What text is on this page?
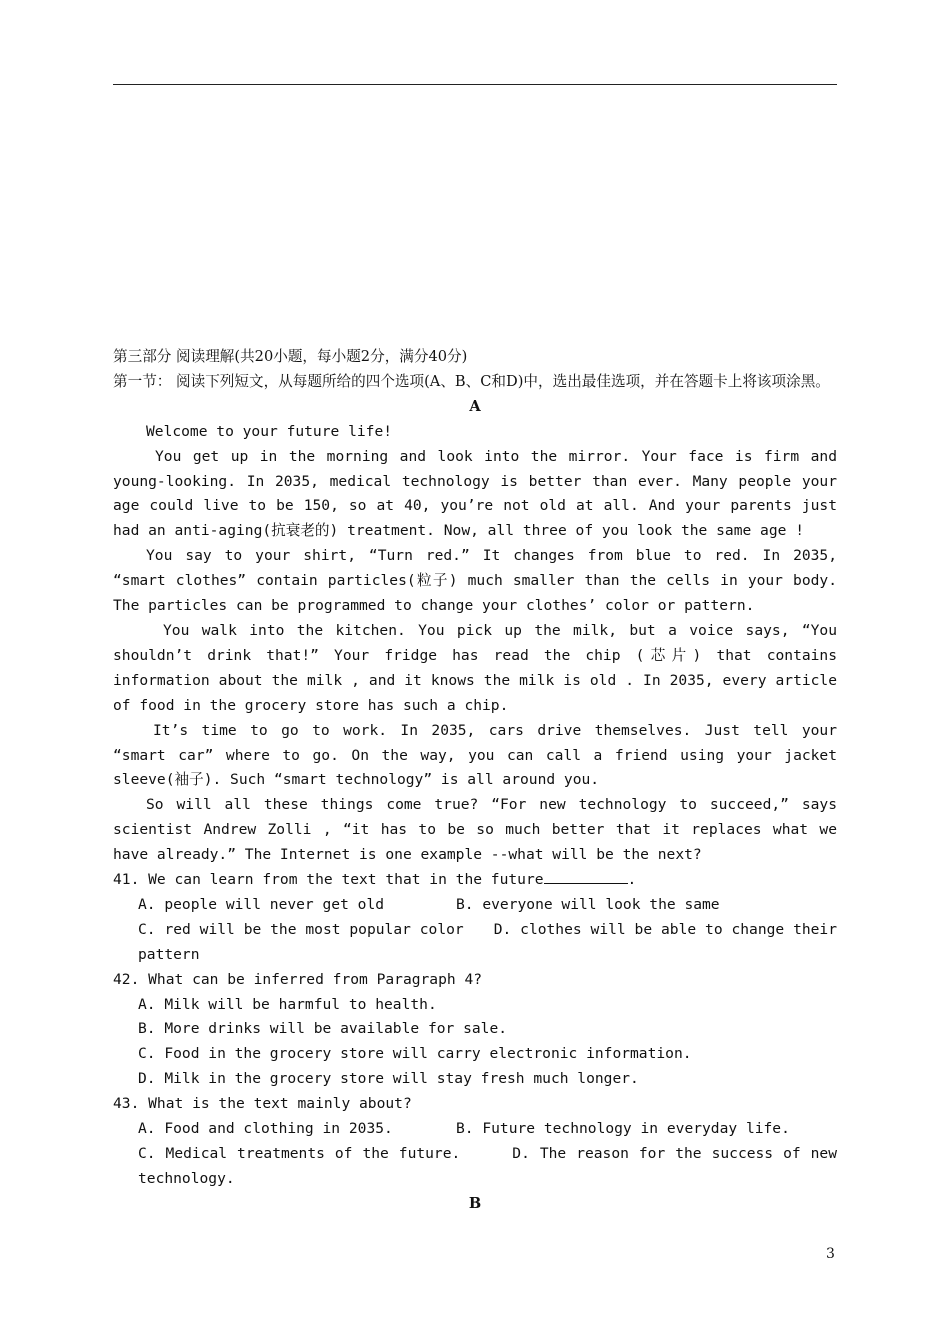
第三部分 阅读理解(共20小题，每小题2分，满分40分)

第一节： 阅读下列短文，从每题所给的四个选项(A、B、C和D)中，选出最佳选项，并在答题卡上将该项涂黑。

A

Welcome to your future life!

You get up in the morning and look into the mirror. Your face is firm and young-looking. In 2035, medical technology is better than ever. Many people your age could live to be 150, so at 40, you’re not old at all. And your parents just had an anti-aging(抗衰老的) treatment. Now, all three of you look the same age !

You say to your shirt, “Turn red.” It changes from blue to red. In 2035, “smart clothes” contain particles(粒子) much smaller than the cells in your body. The particles can be programmed to change your clothes’ color or pattern.

You walk into the kitchen. You pick up the milk, but a voice says, “You shouldn’t drink that!” Your fridge has read the chip (芯片) that contains information about the milk , and it knows the milk is old . In 2035, every article of food in the grocery store has such a chip.

It’s time to go to work. In 2035, cars drive themselves. Just tell your “smart car” where to go. On the way, you can call a friend using your jacket sleeve(袖子). Such “smart technology” is all around you.

So will all these things come true? “For new technology to succeed,” says scientist Andrew Zolli , “it has to be so much better that it replaces what we have already.” The Internet is one example --what will be the next?

41. We can learn from the text that in the future	.

A. people will never get old	B. everyone will look the same

C. red will be the most popular color D. clothes will be able to change their pattern

42. What can be inferred from Paragraph 4?

A. Milk will be harmful to health.

B. More drinks will be available for sale.

C. Food in the grocery store will carry electronic information.

D. Milk in the grocery store will stay fresh much longer.

43. What is the text mainly about?

A. Food and clothing in 2035.	B. Future technology in everyday life.

C. Medical treatments of the future.	D. The reason for the success of new technology.

B

3
